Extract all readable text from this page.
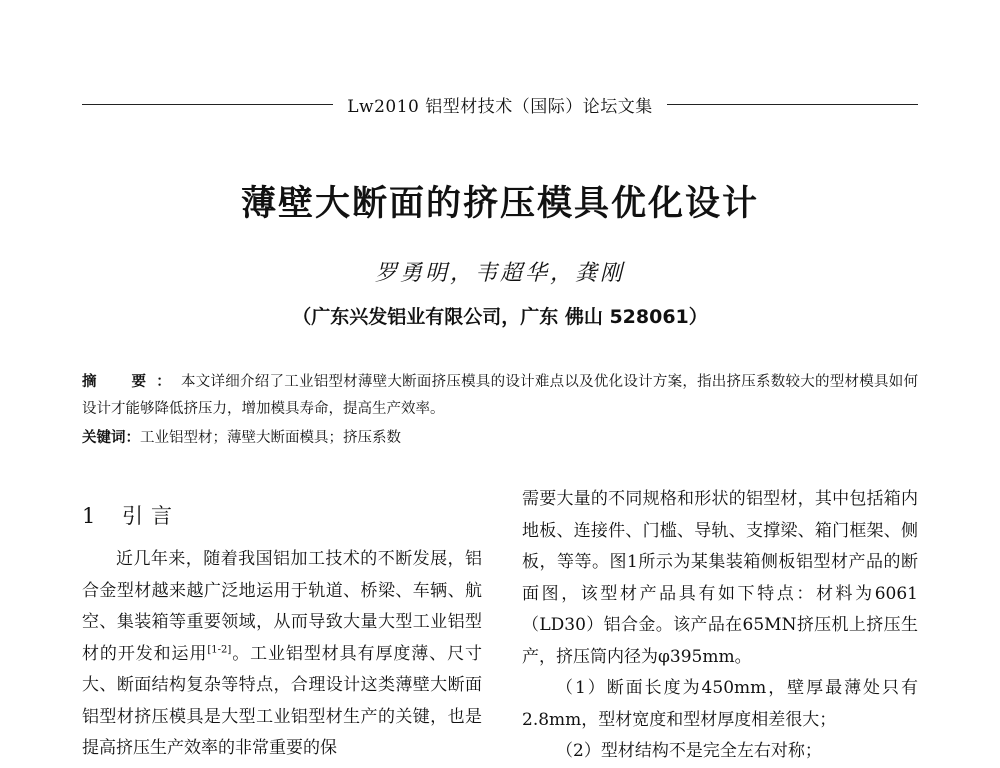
Lw2010 铝型材技术（国际）论坛文集
薄壁大断面的挤压模具优化设计
罗勇明，韦超华，龚刚
（广东兴发铝业有限公司，广东 佛山 528061）
摘　要：本文详细介绍了工业铝型材薄壁大断面挤压模具的设计难点以及优化设计方案，指出挤压系数较大的型材模具如何设计才能够降低挤压力，增加模具寿命，提高生产效率。
关键词：工业铝型材；薄壁大断面模具；挤压系数
1 引言

近几年来，随着我国铝加工技术的不断发展，铝合金型材越来越广泛地运用于轨道、桥梁、车辆、航空、集装箱等重要领域，从而导致大量大型工业铝型材的开发和运用[1-2]。工业铝型材具有厚度薄、尺寸大、断面结构复杂等特点，合理设计这类薄壁大断面铝型材挤压模具是大型工业铝型材生产的关键，也是提高挤压生产效率的非常重要的保

需要大量的不同规格和形状的铝型材，其中包括箱内地板、连接件、门槛、导轨、支撑梁、箱门框架、侧板，等等。图1所示为某集装箱侧板铝型材产品的断面图，该型材产品具有如下特点：材料为6061（LD30）铝合金。该产品在65MN挤压机上挤压生产，挤压筒内径为φ395mm。

（1）断面长度为450mm，壁厚最薄处只有2.8mm，型材宽度和型材厚度相差很大；

（2）型材结构不是完全左右对称；
